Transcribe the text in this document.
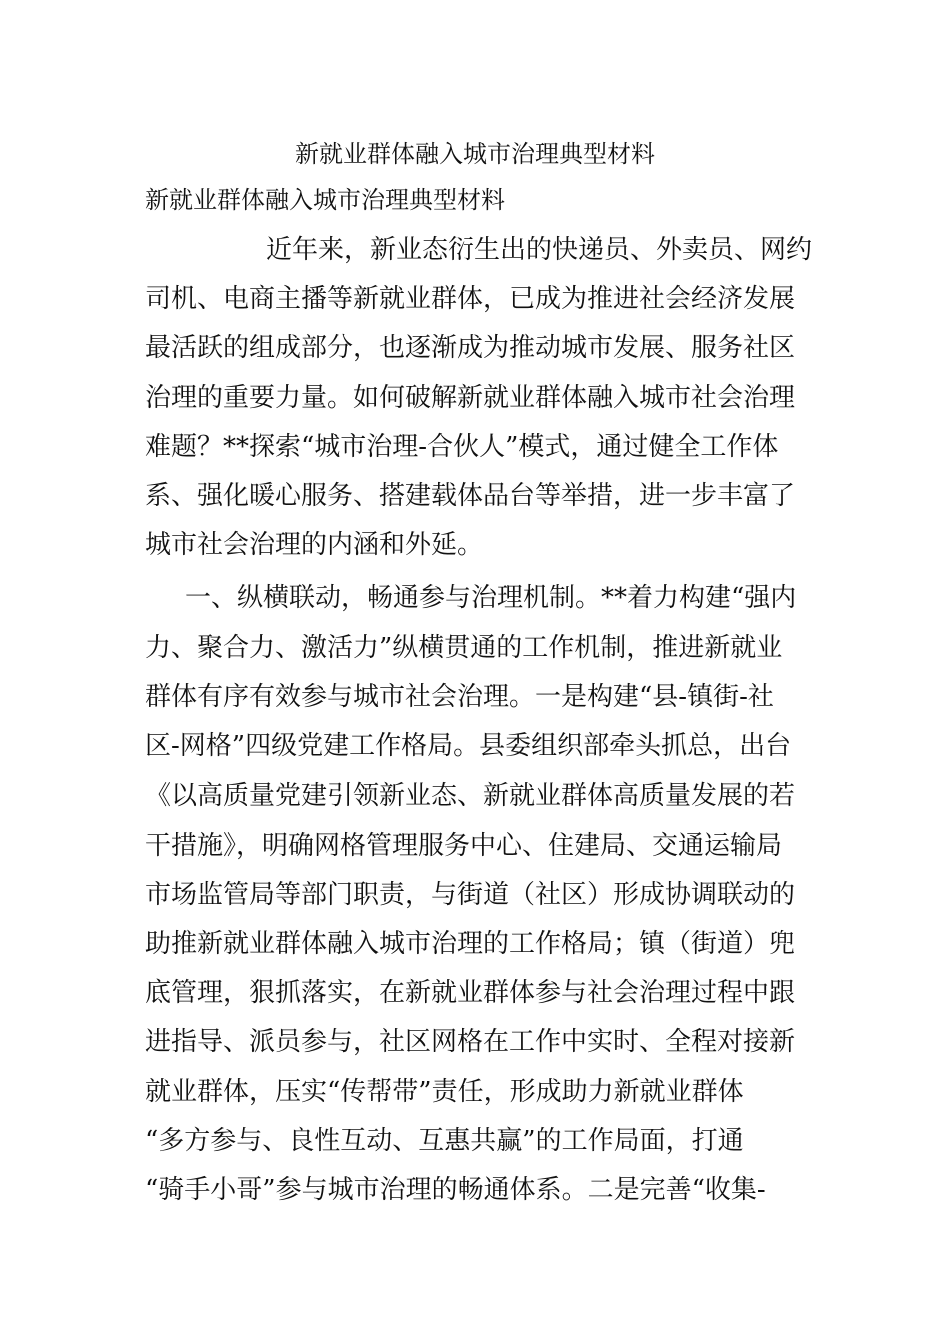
新就业群体融入城市治理典型材料
新就业群体融入城市治理典型材料
近年来，新业态衍生出的快递员、外卖员、网约
司机、电商主播等新就业群体，已成为推进社会经济发展
最活跃的组成部分，也逐渐成为推动城市发展、服务社区
治理的重要力量。如何破解新就业群体融入城市社会治理
难题？**探索“城市治理-合伙人”模式，通过健全工作体
系、强化暖心服务、搭建载体品台等举措，进一步丰富了
城市社会治理的内涵和外延。
一、纵横联动，畅通参与治理机制。**着力构建“强内
力、聚合力、激活力”纵横贯通的工作机制，推进新就业
群体有序有效参与城市社会治理。一是构建“县-镇街-社
区-网格”四级党建工作格局。县委组织部牵头抓总，出台
《以高质量党建引领新业态、新就业群体高质量发展的若
干措施》，明确网格管理服务中心、住建局、交通运输局
市场监管局等部门职责，与街道（社区）形成协调联动的
助推新就业群体融入城市治理的工作格局；镇（街道）兜
底管理，狠抓落实，在新就业群体参与社会治理过程中跟
进指导、派员参与，社区网格在工作中实时、全程对接新
就业群体，压实“传帮带”责任，形成助力新就业群体
“多方参与、良性互动、互惠共赢”的工作局面，打通
“骑手小哥”参与城市治理的畅通体系。二是完善“收集-
